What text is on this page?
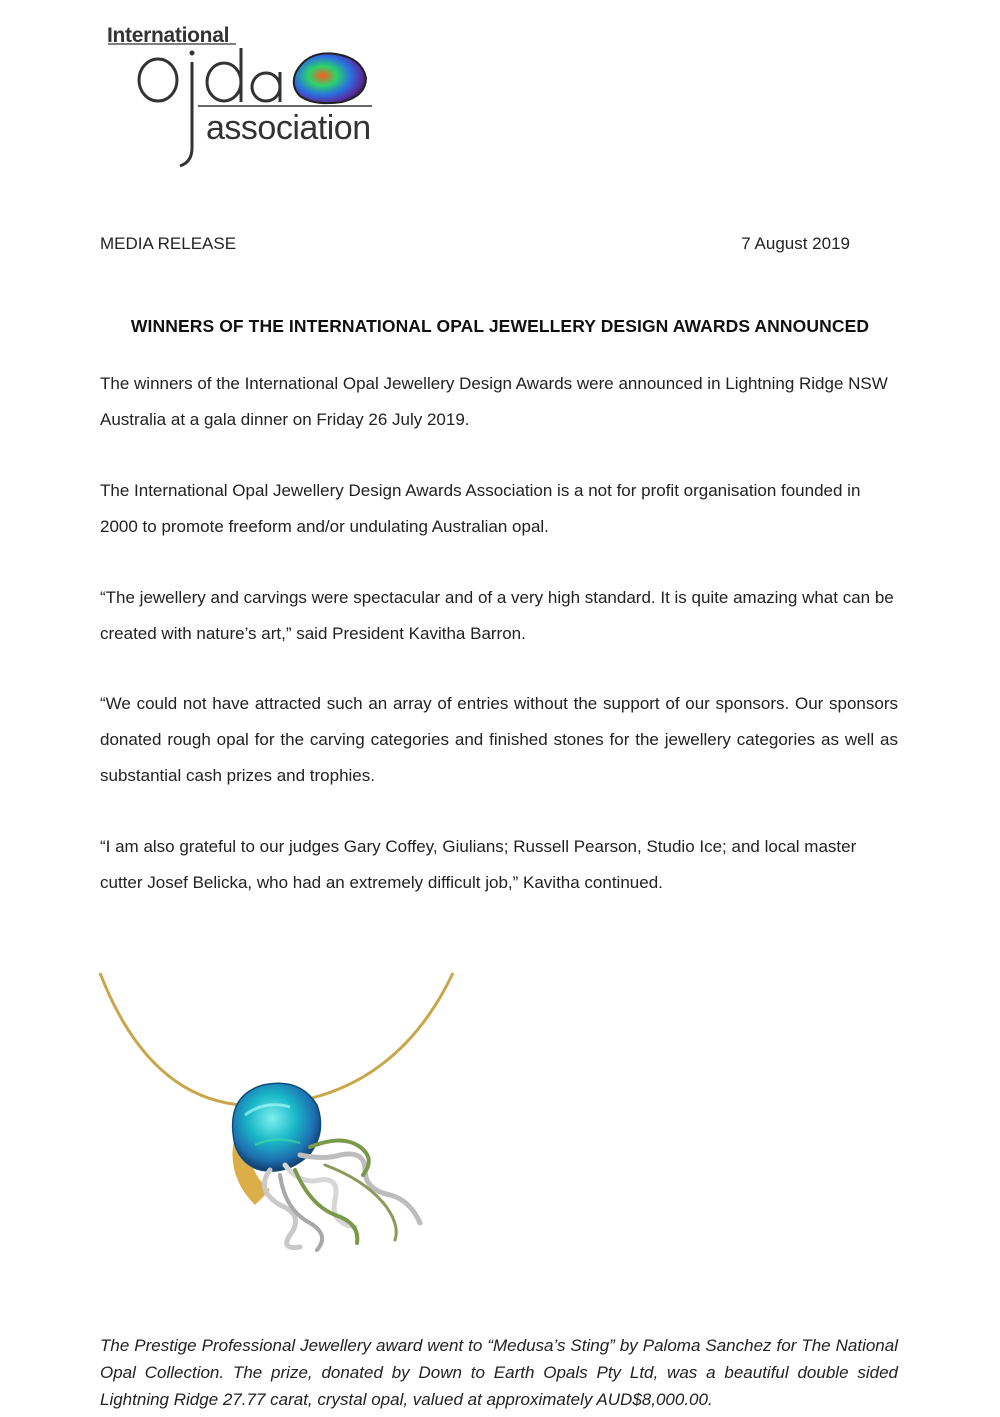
International
association
MEDIA RELEASE	7 August 2019
WINNERS OF THE INTERNATIONAL OPAL JEWELLERY DESIGN AWARDS ANNOUNCED

The winners of the International Opal Jewellery Design Awards were announced in Lightning Ridge NSW Australia at a gala dinner on Friday 26 July 2019.

The International Opal Jewellery Design Awards Association is a not for profit organisation founded in 2000 to promote freeform and/or undulating Australian opal.

“The jewellery and carvings were spectacular and of a very high standard. It is quite amazing what can be created with nature’s art,” said President Kavitha Barron.

“We could not have attracted such an array of entries without the support of our sponsors. Our sponsors donated rough opal for the carving categories and finished stones for the jewellery categories as well as substantial cash prizes and trophies.

“I am also grateful to our judges Gary Coffey, Giulians; Russell Pearson, Studio Ice; and local master cutter Josef Belicka, who had an extremely difficult job,” Kavitha continued.

The Prestige Professional Jewellery award went to “Medusa’s Sting” by Paloma Sanchez for The National Opal Collection. The prize, donated by Down to Earth Opals Pty Ltd, was a beautiful double sided Lightning Ridge 27.77 carat, crystal opal, valued at approximately AUD$8,000.00.
